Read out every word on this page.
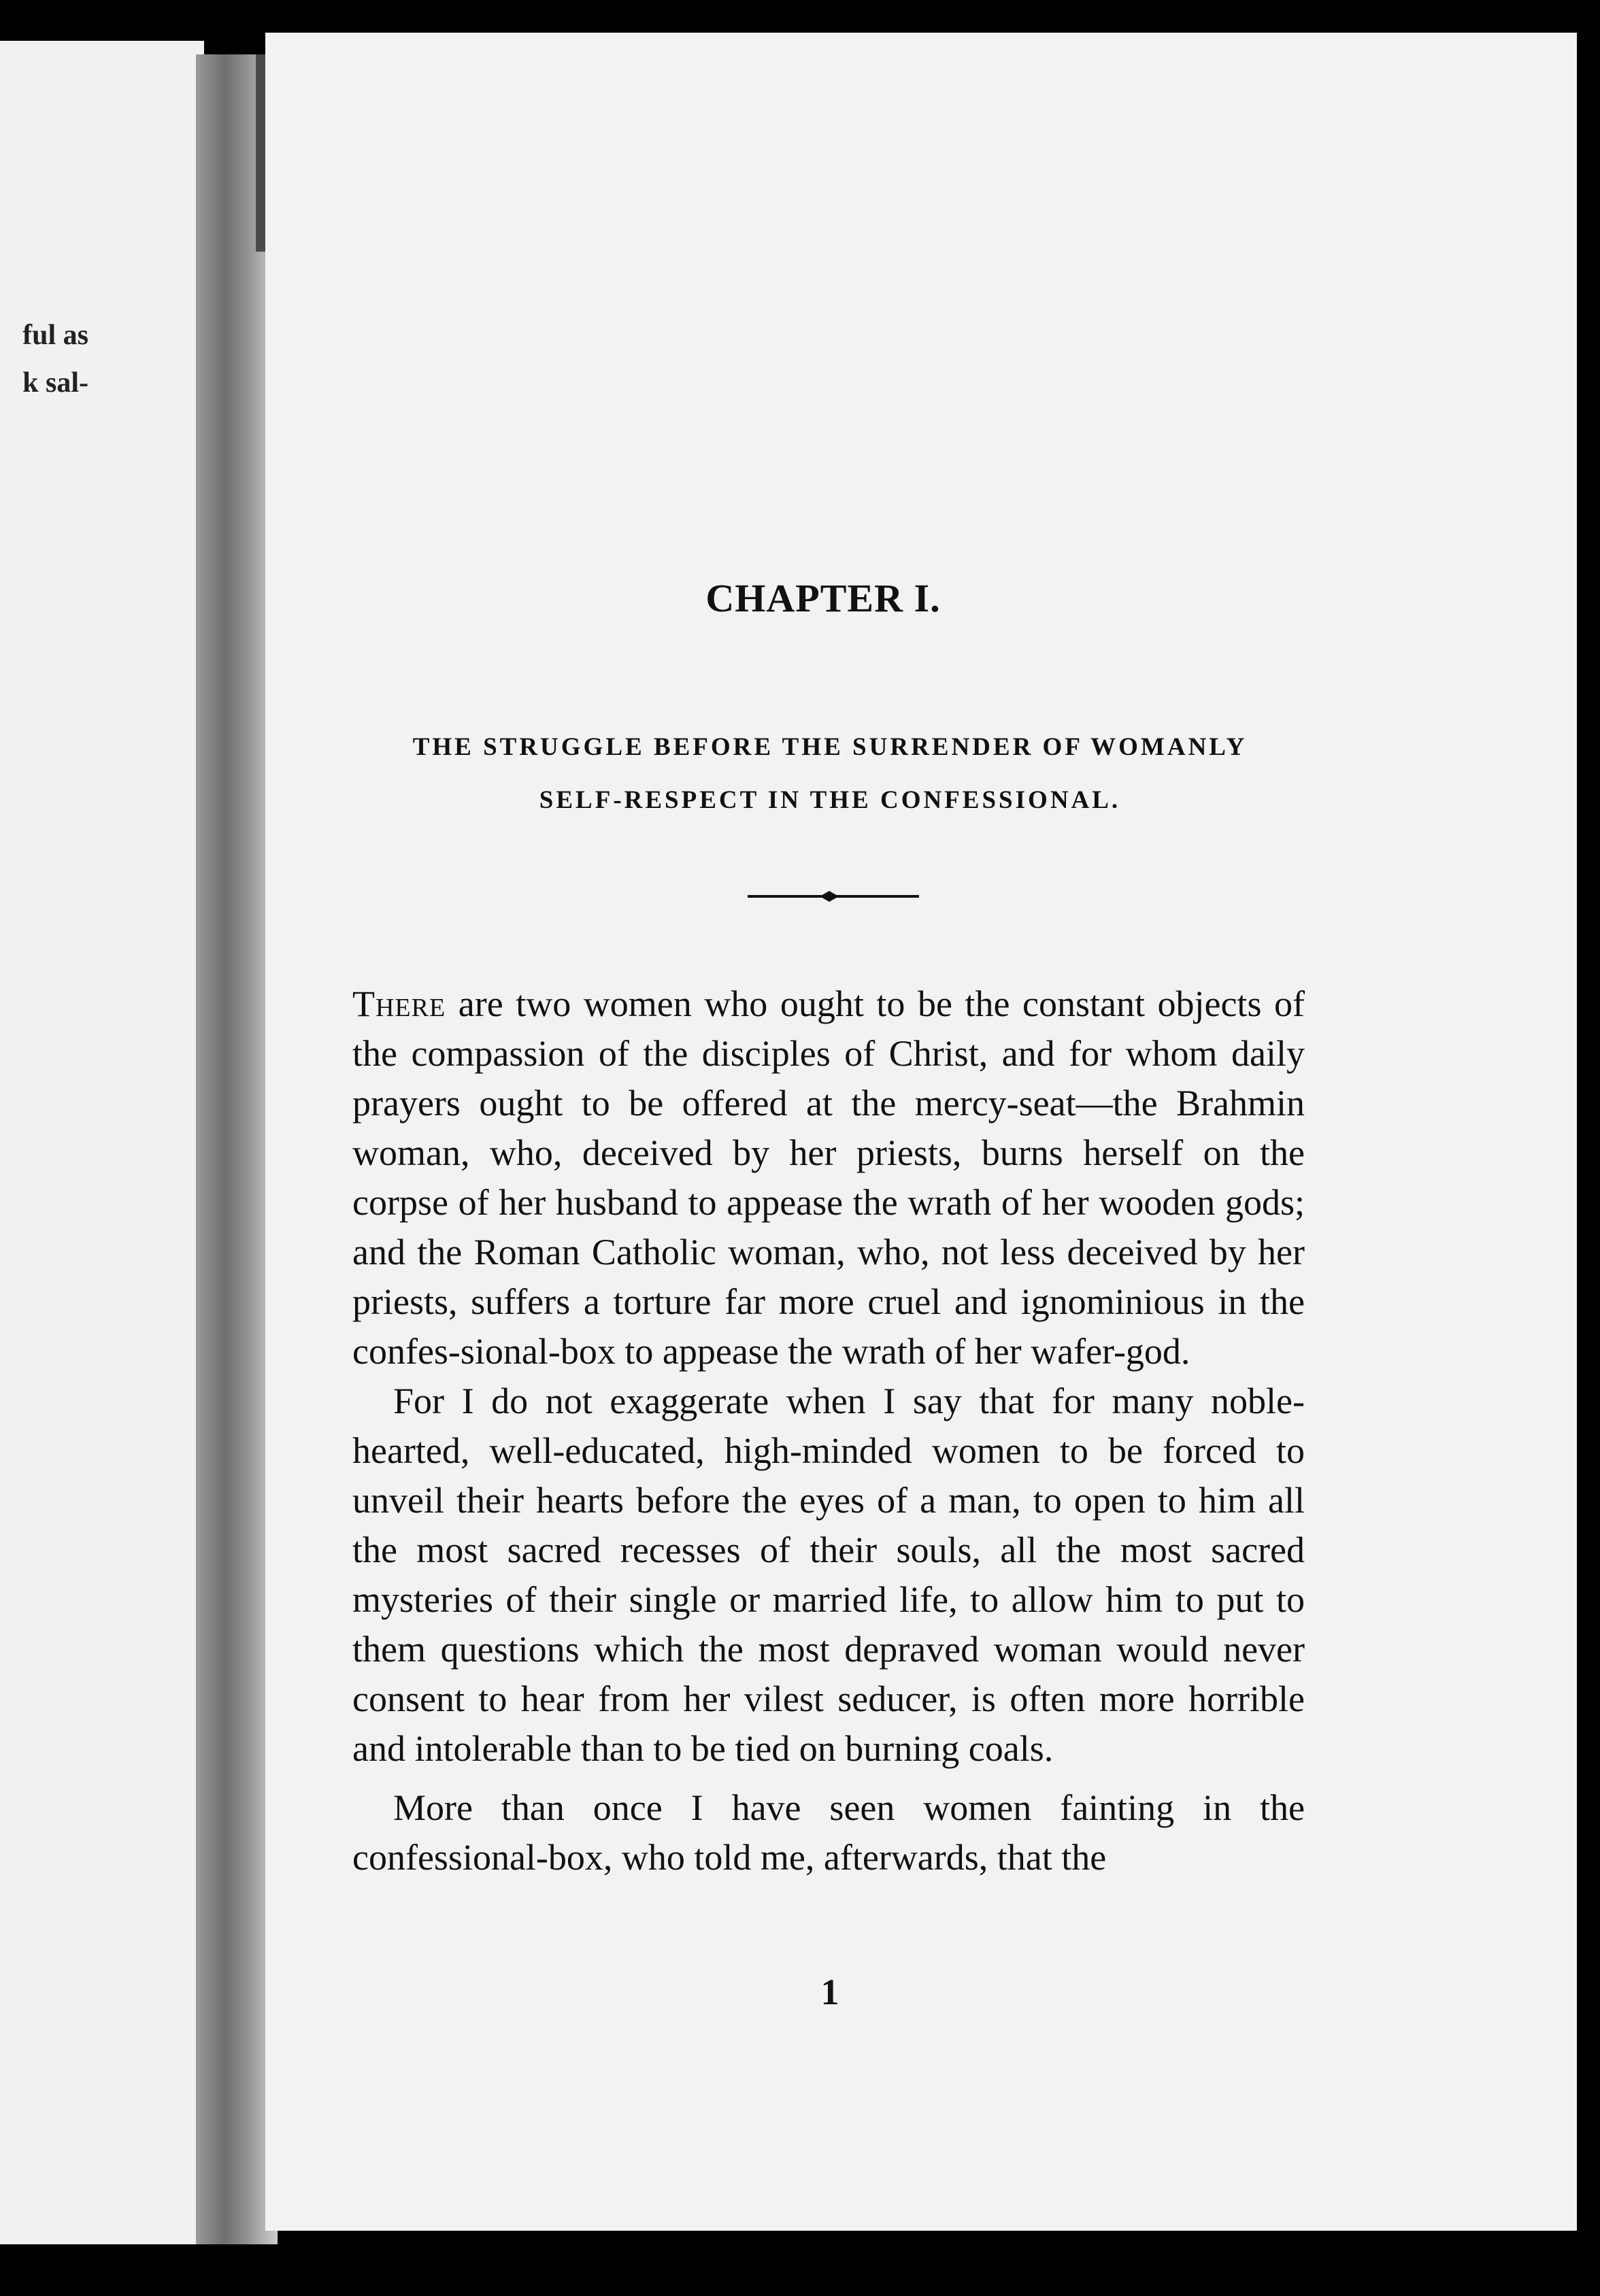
ful as
k sal-
CHAPTER I.
THE STRUGGLE BEFORE THE SURRENDER OF WOMANLY
SELF-RESPECT IN THE CONFESSIONAL.

There are two women who ought to be the constant objects of the compassion of the disciples of Christ, and for whom daily prayers ought to be offered at the mercy-seat—the Brahmin woman, who, deceived by her priests, burns herself on the corpse of her husband to appease the wrath of her wooden gods; and the Roman Catholic woman, who, not less deceived by her priests, suffers a torture far more cruel and ignominious in the confes-sional-box to appease the wrath of her wafer-god.

For I do not exaggerate when I say that for many noble-hearted, well-educated, high-minded women to be forced to unveil their hearts before the eyes of a man, to open to him all the most sacred recesses of their souls, all the most sacred mysteries of their single or married life, to allow him to put to them questions which the most depraved woman would never consent to hear from her vilest seducer, is often more horrible and intolerable than to be tied on burning coals.

More than once I have seen women fainting in the confessional-box, who told me, afterwards, that the

1
